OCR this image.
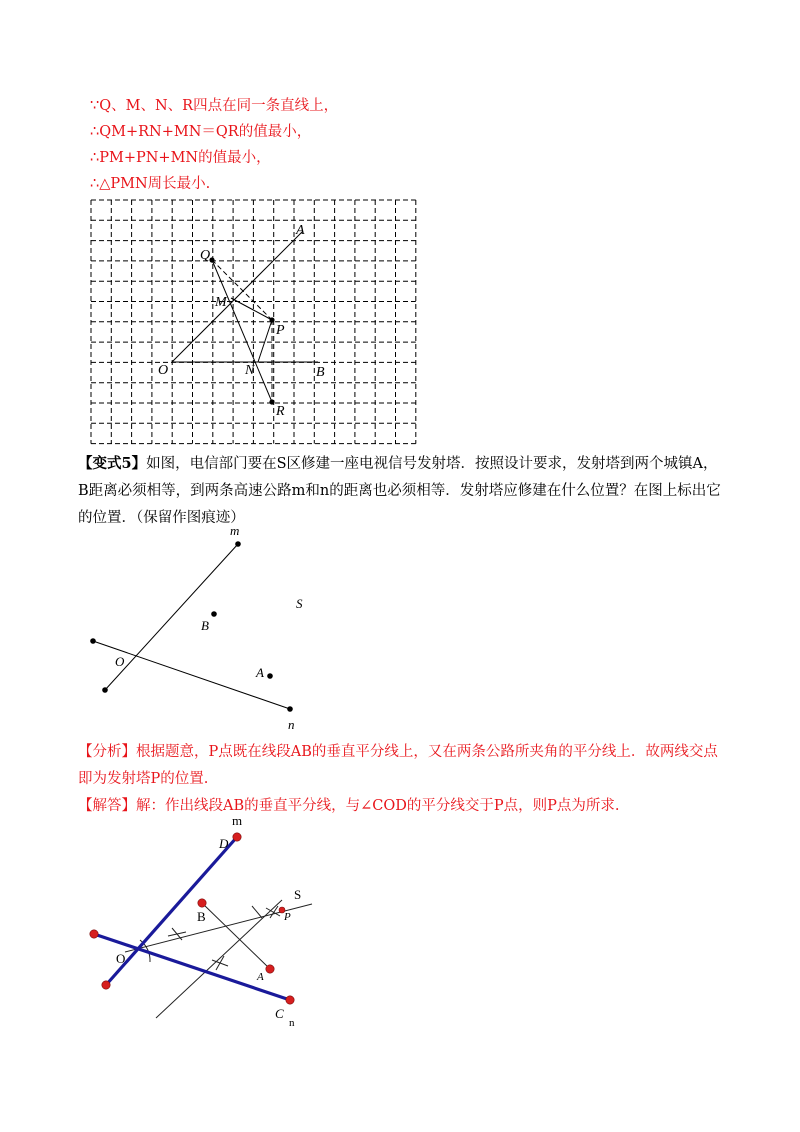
∵Q、M、N、R四点在同一条直线上，
∴QM+RN+MN＝QR的值最小，
∴PM+PN+MN的值最小，
∴△PMN周长最小.
A
Q
M
P
O	N	B
R
【变式5】如图，电信部门要在S区修建一座电视信号发射塔．按照设计要求，发射塔到两个城镇A，B距离必须相等，到两条高速公路m和n的距离也必须相等．发射塔应修建在什么位置？在图上标出它的位置．（保留作图痕迹）
m
S
B
O
A
n
【分析】根据题意，P点既在线段AB的垂直平分线上，又在两条公路所夹角的平分线上．故两线交点即为发射塔P的位置.
【解答】解：作出线段AB的垂直平分线，与∠COD的平分线交于P点，则P点为所求.
m
D
S
B	P
O
A
C
n
